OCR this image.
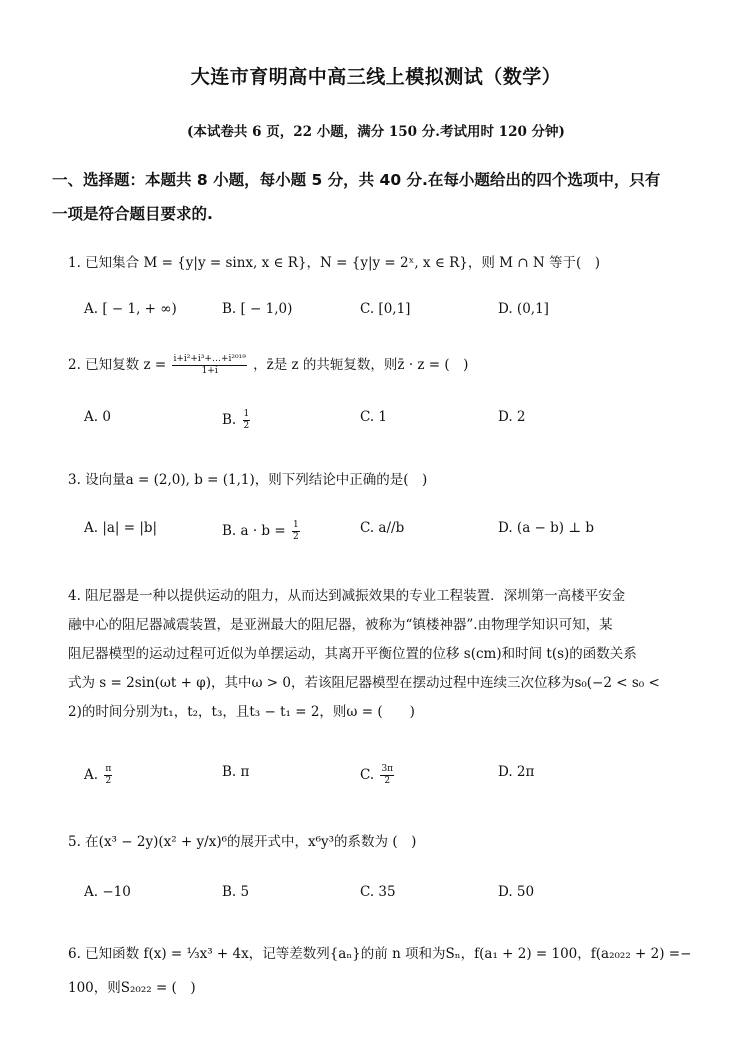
大连市育明高中高三线上模拟测试（数学）
(本试卷共 6 页，22 小题，满分 150 分.考试用时 120 分钟)
一、选择题：本题共 8 小题，每小题 5 分，共 40 分.在每小题给出的四个选项中，只有
一项是符合题目要求的.
1. 已知集合 M = {y|y = sinx, x ∈ R}，N = {y|y = 2ˣ, x ∈ R}，则 M ∩ N 等于(　)
A. [ − 1, + ∞)	B. [ − 1,0)	C. [0,1]	D. (0,1]
2. 已知复数 $z = \frac{\text{i+i²+i³+…+i²⁰¹⁹}}{1+i}$ ，z̄是 z 的共轭复数，则z̄ · z = (　)
A. 0	B. $\frac{1}{2}$	C. 1	D. 2
3. 设向量a = (2,0), b = (1,1)，则下列结论中正确的是(　)
A. |a| = |b|	B. $a \cdot b = \frac{1}{2}$	C. a//b	D. (a − b) ⊥ b
4. 阻尼器是一种以提供运动的阻力，从而达到减振效果的专业工程装置．深圳第一高楼平安金
融中心的阻尼器减震装置，是亚洲最大的阻尼器，被称为“镇楼神器”.由物理学知识可知，某
阻尼器模型的运动过程可近似为单摆运动，其离开平衡位置的位移 s(cm)和时间 t(s)的函数关系
式为 s = 2sin(ωt + φ)，其中ω > 0，若该阻尼器模型在摆动过程中连续三次位移为s₀(−2 < s₀ <
2)的时间分别为t₁，t₂，t₃，且t₃ − t₁ = 2，则ω = (　　)
A. $\frac{\pi}{2}$	B. π	C. $\frac{3\pi}{2}$	D. 2π
5. 在(x³ − 2y)(x² + y/x)⁶的展开式中，x⁶y³的系数为 (　)
A. −10	B. 5	C. 35	D. 50
6. 已知函数 f(x) = ⅓x³ + 4x，记等差数列{aₙ}的前 n 项和为Sₙ，f(a₁ + 2) = 100，f(a₂₀₂₂ + 2) =−
100，则S₂₀₂₂ = (　)
